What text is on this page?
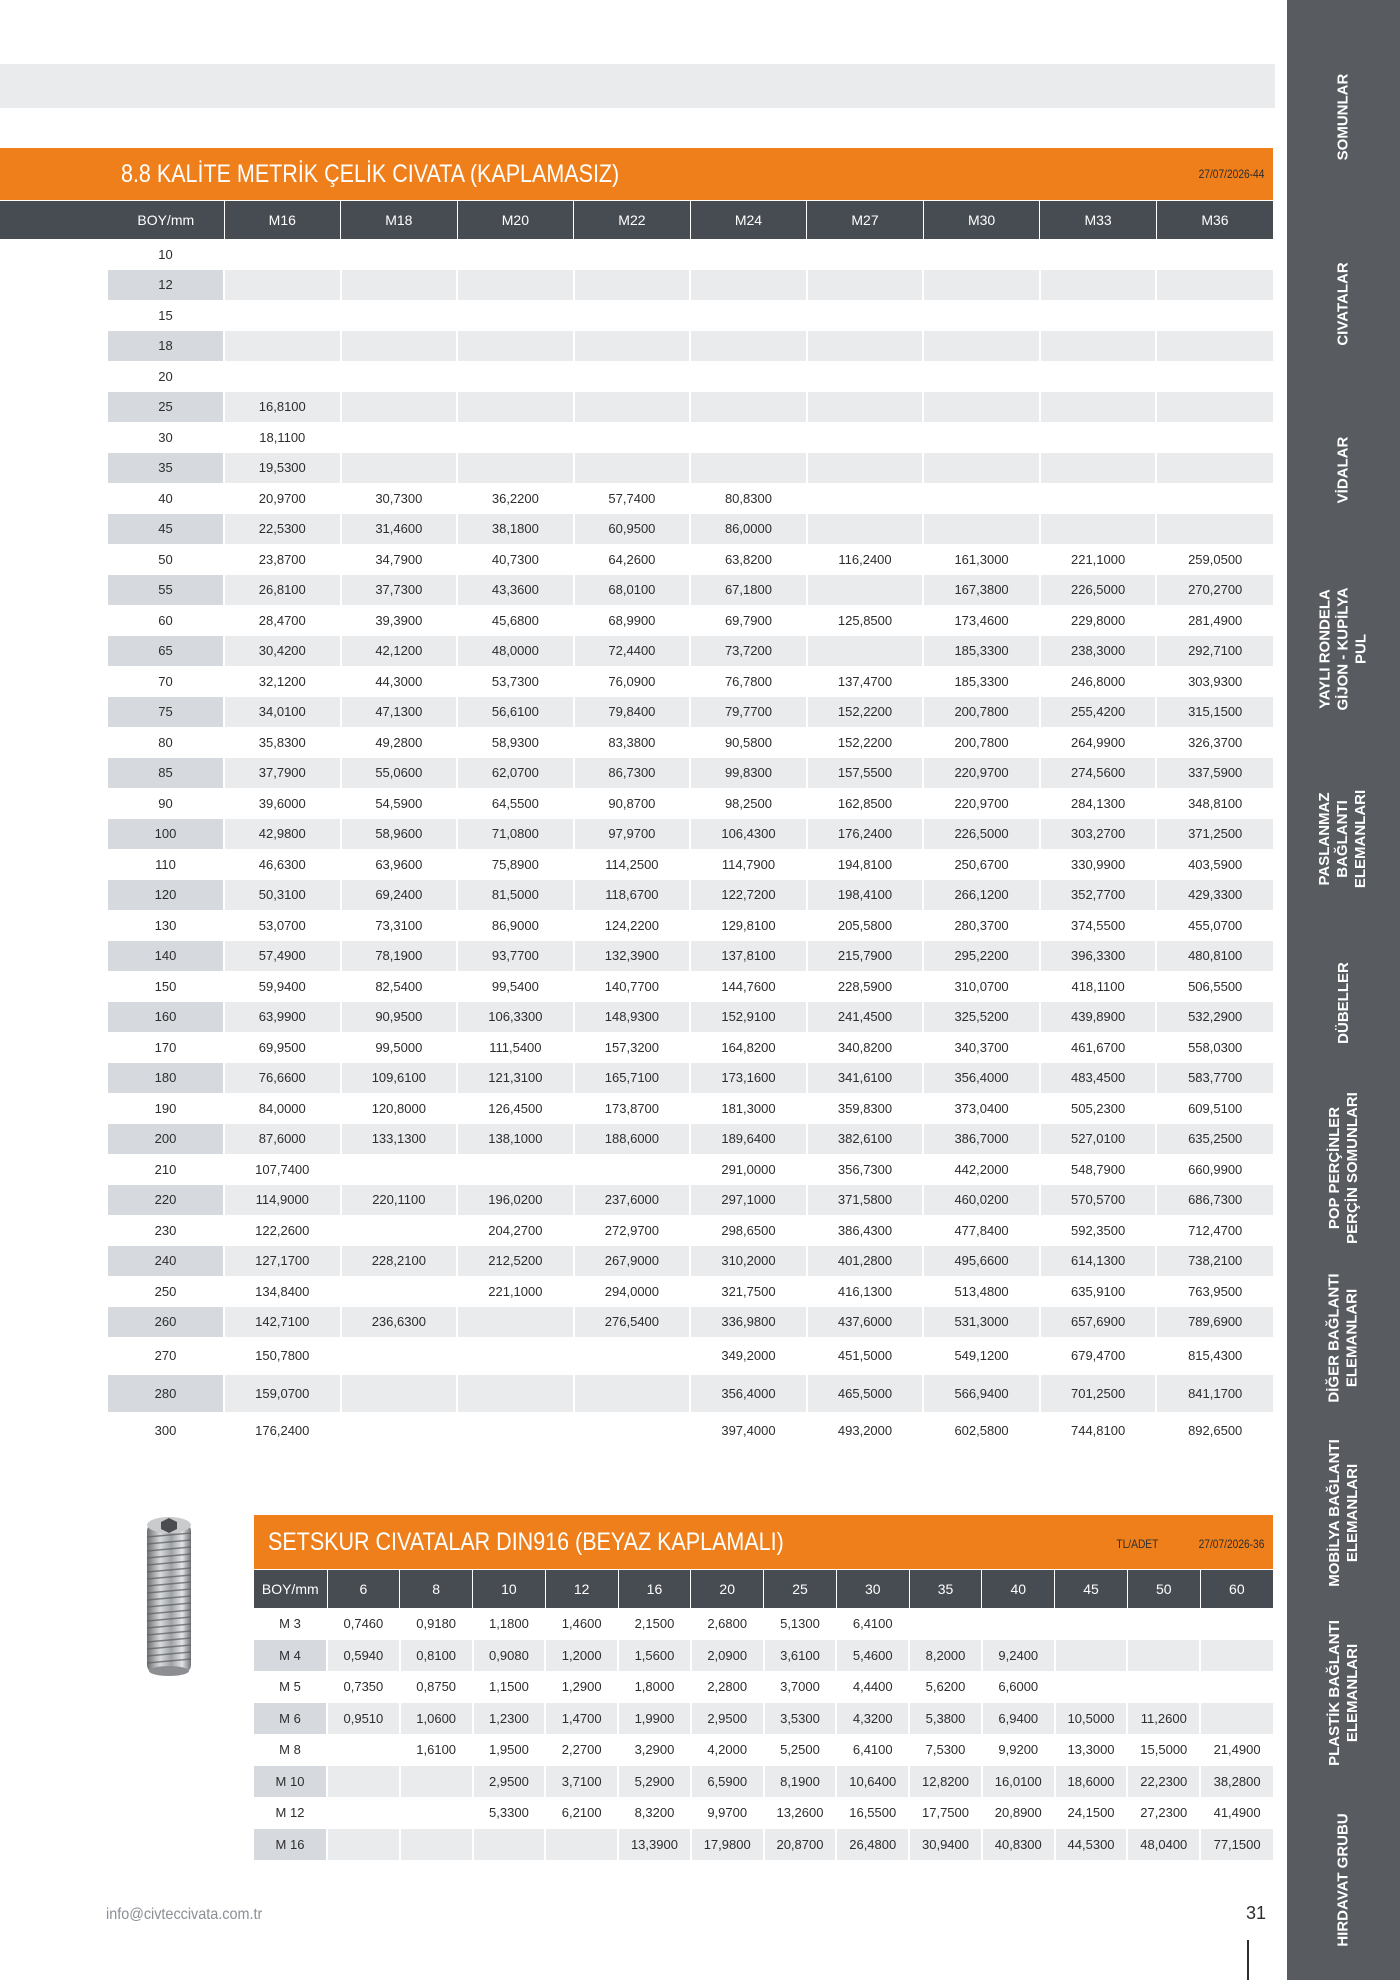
8.8 KALİTE METRİK ÇELİK CIVATA (KAPLAMASIZ)	27/07/2026-44
BOY/mm	M16	M18	M20	M22	M24	M27	M30	M33	M36
10									
12									
15									
18									
20									
25	16,8100								
30	18,1100								
35	19,5300								
40	20,9700	30,7300	36,2200	57,7400	80,8300				
45	22,5300	31,4600	38,1800	60,9500	86,0000				
50	23,8700	34,7900	40,7300	64,2600	63,8200	116,2400	161,3000	221,1000	259,0500
55	26,8100	37,7300	43,3600	68,0100	67,1800		167,3800	226,5000	270,2700
60	28,4700	39,3900	45,6800	68,9900	69,7900	125,8500	173,4600	229,8000	281,4900
65	30,4200	42,1200	48,0000	72,4400	73,7200		185,3300	238,3000	292,7100
70	32,1200	44,3000	53,7300	76,0900	76,7800	137,4700	185,3300	246,8000	303,9300
75	34,0100	47,1300	56,6100	79,8400	79,7700	152,2200	200,7800	255,4200	315,1500
80	35,8300	49,2800	58,9300	83,3800	90,5800	152,2200	200,7800	264,9900	326,3700
85	37,7900	55,0600	62,0700	86,7300	99,8300	157,5500	220,9700	274,5600	337,5900
90	39,6000	54,5900	64,5500	90,8700	98,2500	162,8500	220,9700	284,1300	348,8100
100	42,9800	58,9600	71,0800	97,9700	106,4300	176,2400	226,5000	303,2700	371,2500
110	46,6300	63,9600	75,8900	114,2500	114,7900	194,8100	250,6700	330,9900	403,5900
120	50,3100	69,2400	81,5000	118,6700	122,7200	198,4100	266,1200	352,7700	429,3300
130	53,0700	73,3100	86,9000	124,2200	129,8100	205,5800	280,3700	374,5500	455,0700
140	57,4900	78,1900	93,7700	132,3900	137,8100	215,7900	295,2200	396,3300	480,8100
150	59,9400	82,5400	99,5400	140,7700	144,7600	228,5900	310,0700	418,1100	506,5500
160	63,9900	90,9500	106,3300	148,9300	152,9100	241,4500	325,5200	439,8900	532,2900
170	69,9500	99,5000	111,5400	157,3200	164,8200	340,8200	340,3700	461,6700	558,0300
180	76,6600	109,6100	121,3100	165,7100	173,1600	341,6100	356,4000	483,4500	583,7700
190	84,0000	120,8000	126,4500	173,8700	181,3000	359,8300	373,0400	505,2300	609,5100
200	87,6000	133,1300	138,1000	188,6000	189,6400	382,6100	386,7000	527,0100	635,2500
210	107,7400				291,0000	356,7300	442,2000	548,7900	660,9900
220	114,9000	220,1100	196,0200	237,6000	297,1000	371,5800	460,0200	570,5700	686,7300
230	122,2600		204,2700	272,9700	298,6500	386,4300	477,8400	592,3500	712,4700
240	127,1700	228,2100	212,5200	267,9000	310,2000	401,2800	495,6600	614,1300	738,2100
250	134,8400		221,1000	294,0000	321,7500	416,1300	513,4800	635,9100	763,9500
260	142,7100	236,6300		276,5400	336,9800	437,6000	531,3000	657,6900	789,6900
270	150,7800				349,2000	451,5000	549,1200	679,4700	815,4300
280	159,0700				356,4000	465,5000	566,9400	701,2500	841,1700
300	176,2400				397,4000	493,2000	602,5800	744,8100	892,6500
SETSKUR CIVATALAR DIN916 (BEYAZ KAPLAMALI)	TL/ADET	27/07/2026-36
BOY/mm	6	8	10	12	16	20	25	30	35	40	45	50	60
M 3	0,7460	0,9180	1,1800	1,4600	2,1500	2,6800	5,1300	6,4100					
M 4	0,5940	0,8100	0,9080	1,2000	1,5600	2,0900	3,6100	5,4600	8,2000	9,2400			
M 5	0,7350	0,8750	1,1500	1,2900	1,8000	2,2800	3,7000	4,4400	5,6200	6,6000			
M 6	0,9510	1,0600	1,2300	1,4700	1,9900	2,9500	3,5300	4,3200	5,3800	6,9400	10,5000	11,2600	
M 8		1,6100	1,9500	2,2700	3,2900	4,2000	5,2500	6,4100	7,5300	9,9200	13,3000	15,5000	21,4900
M 10			2,9500	3,7100	5,2900	6,5900	8,1900	10,6400	12,8200	16,0100	18,6000	22,2300	38,2800
M 12			5,3300	6,2100	8,3200	9,9700	13,2600	16,5500	17,7500	20,8900	24,1500	27,2300	41,4900
M 16					13,3900	17,9800	20,8700	26,4800	30,9400	40,8300	44,5300	48,0400	77,1500
SOMUNLAR
CIVATALAR
VİDALAR
YAYLI RONDELA
GİJON - KUPİLYA
PUL
PASLANMAZ
BAĞLANTI
ELEMANLARI
DÜBELLER
POP PERÇİNLER
PERÇİN SOMUNLARI
DİĞER BAĞLANTI
ELEMANLARI
MOBİLYA BAĞLANTI
ELEMANLARI
PLASTİK BAĞLANTI
ELEMANLARI
HIRDAVAT GRUBU
info@civteccivata.com.tr	31
